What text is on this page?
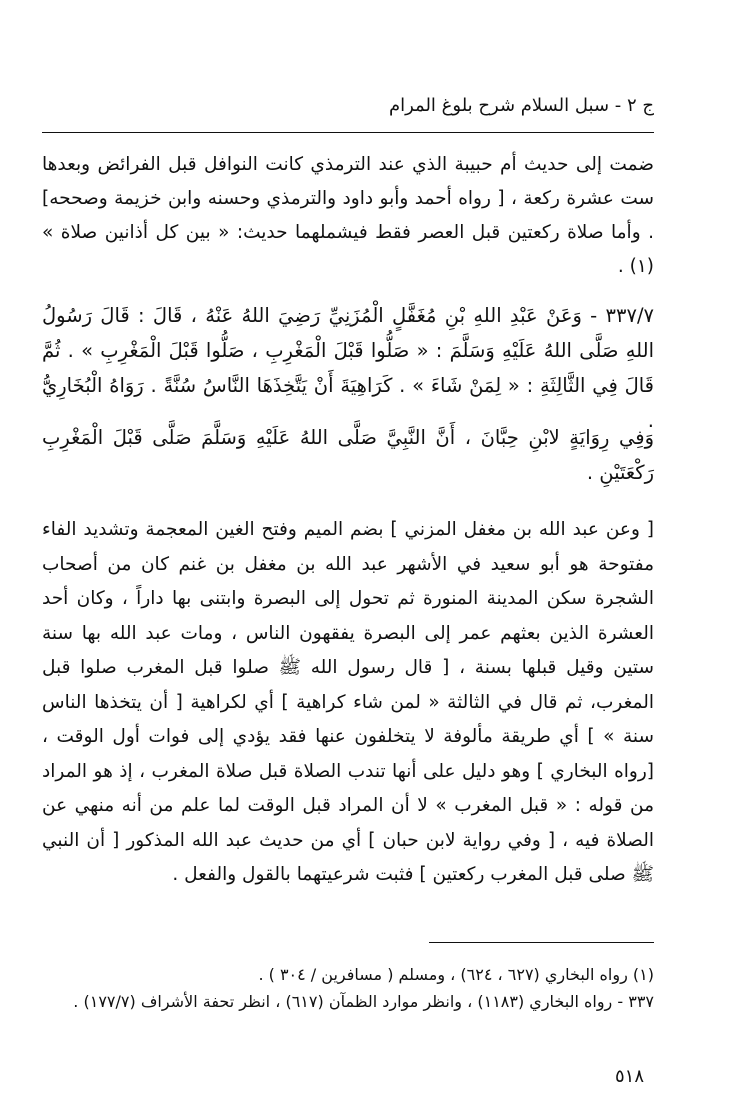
ج ٢ - سبل السلام شرح بلوغ المرام

ضمت إلى حديث أم حبيبة الذي عند الترمذي كانت النوافل قبل الفرائض وبعدها ست عشرة ركعة ، [ رواه أحمد وأبو داود والترمذي وحسنه وابن خزيمة وصححه] . وأما صلاة ركعتين قبل العصر فقط فيشملهما حديث: « بين كل أذانين صلاة » (١) .

٣٣٧/٧ - وَعَنْ عَبْدِ اللهِ بْنِ مُغَفَّلٍ الْمُزَنِيِّ رَضِيَ اللهُ عَنْهُ ، قَالَ : قَالَ رَسُولُ اللهِ صَلَّى اللهُ عَلَيْهِ وَسَلَّمَ : « صَلُّوا قَبْلَ الْمَغْرِبِ ، صَلُّوا قَبْلَ الْمَغْرِبِ » . ثُمَّ قَالَ فِي الثَّالِثَةِ : « لِمَنْ شَاءَ » . كَرَاهِيَةَ أَنْ يَتَّخِذَهَا النَّاسُ سُنَّةً . رَوَاهُ الْبُخَارِيُّ .

وَفِي رِوَايَةٍ لابْنِ حِبَّانَ ، أَنَّ النَّبِيَّ صَلَّى اللهُ عَلَيْهِ وَسَلَّمَ صَلَّى قَبْلَ الْمَغْرِبِ رَكْعَتَيْنِ .

[ وعن عبد الله بن مغفل المزني ] بضم الميم وفتح الغين المعجمة وتشديد الفاء مفتوحة هو أبو سعيد في الأشهر عبد الله بن مغفل بن غنم كان من أصحاب الشجرة سكن المدينة المنورة ثم تحول إلى البصرة وابتنى بها داراً ، وكان أحد العشرة الذين بعثهم عمر إلى البصرة يفقهون الناس ، ومات عبد الله بها سنة ستين وقيل قبلها بسنة ، [ قال رسول الله ﷺ صلوا قبل المغرب صلوا قبل المغرب، ثم قال في الثالثة « لمن شاء كراهية ] أي لكراهية [ أن يتخذها الناس سنة » ] أي طريقة مألوفة لا يتخلفون عنها فقد يؤدي إلى فوات أول الوقت ، [رواه البخاري ] وهو دليل على أنها تندب الصلاة قبل صلاة المغرب ، إذ هو المراد من قوله : « قبل المغرب » لا أن المراد قبل الوقت لما علم من أنه منهي عن الصلاة فيه ، [ وفي رواية لابن حبان ] أي من حديث عبد الله المذكور [ أن النبي ﷺ صلى قبل المغرب ركعتين ] فثبت شرعيتهما بالقول والفعل .

(١) رواه البخاري (٦٢٧ ، ٦٢٤) ، ومسلم ( مسافرين / ٣٠٤ ) .

٣٣٧ - رواه البخاري (١١٨٣) ، وانظر موارد الظمآن (٦١٧) ، انظر تحفة الأشراف (١٧٧/٧) .

٥١٨
